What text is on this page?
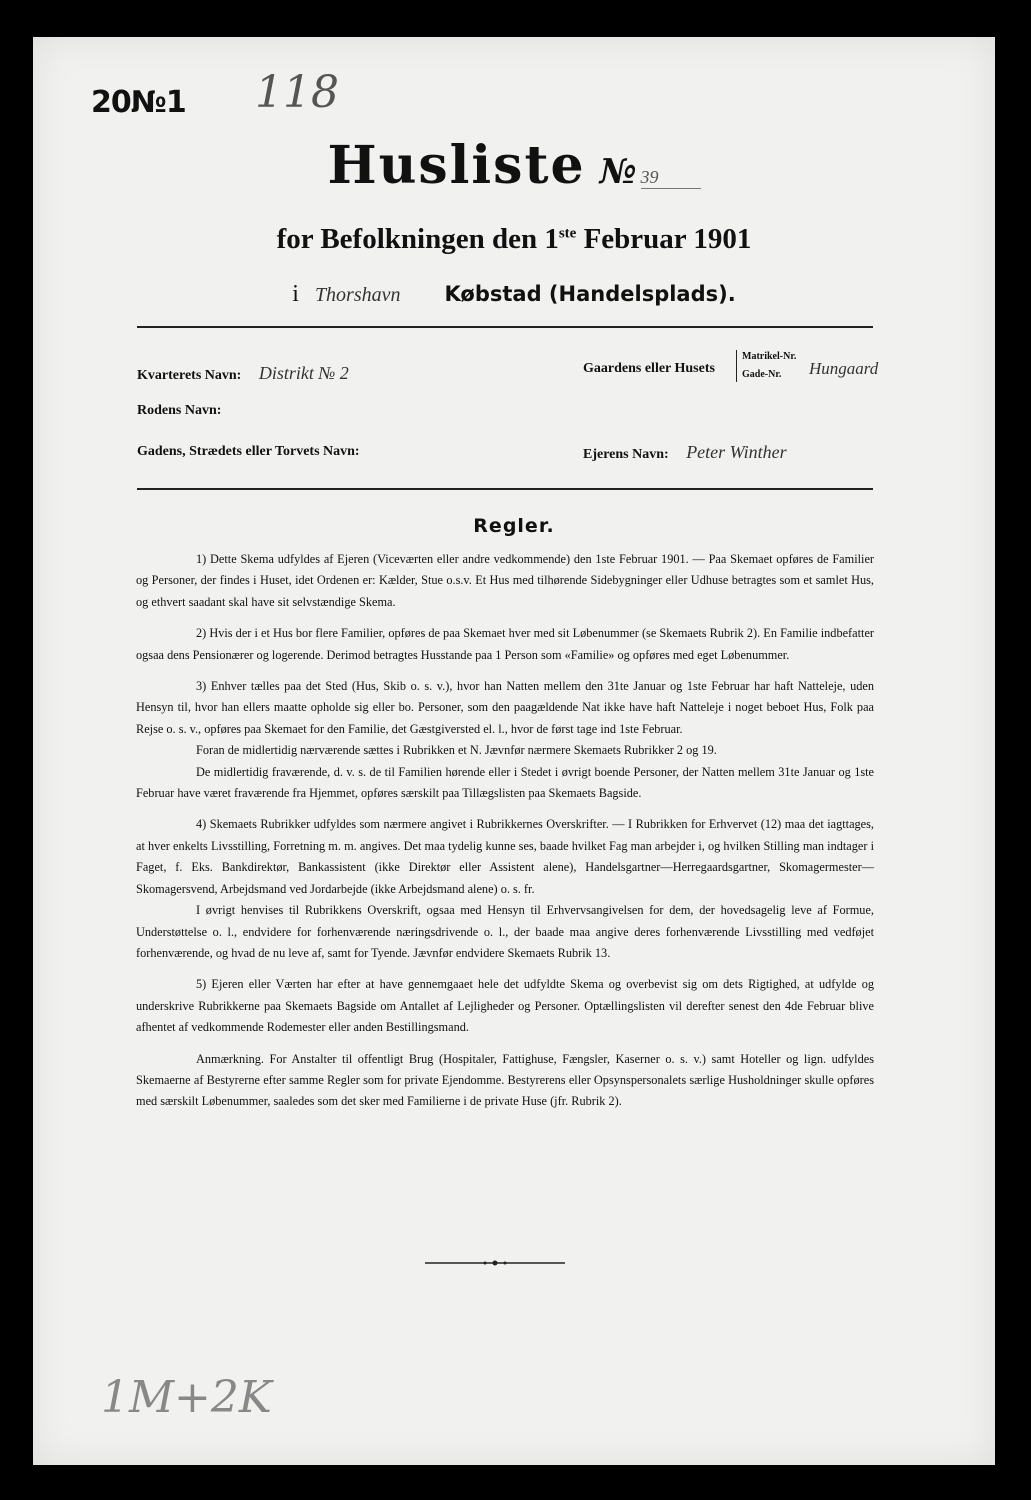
20№1 118
Husliste № 39
for Befolkningen den 1ste Februar 1901
i Thorshavn Købstad (Handelsplads).
Kvarterets Navn: Distrikt № 2	Gaardens eller Husets
Matrikel-Nr.
Gade-Nr. Hungaard
Rodens Navn:
Gadens, Strædets eller Torvets Navn:	Ejerens Navn: Peter Winther
Regler.

1) Dette Skema udfyldes af Ejeren (Viceværten eller andre vedkommende) den 1ste Februar 1901. — Paa Skemaet opføres de Familier og Personer, der findes i Huset, idet Ordenen er: Kælder, Stue o.s.v. Et Hus med tilhørende Sidebygninger eller Udhuse betragtes som et samlet Hus, og ethvert saadant skal have sit selvstændige Skema.

2) Hvis der i et Hus bor flere Familier, opføres de paa Skemaet hver med sit Løbenummer (se Skemaets Rubrik 2). En Familie indbefatter ogsaa dens Pensionærer og logerende. Derimod betragtes Husstande paa 1 Person som «Familie» og opføres med eget Løbenummer.

3) Enhver tælles paa det Sted (Hus, Skib o. s. v.), hvor han Natten mellem den 31te Januar og 1ste Februar har haft Natteleje, uden Hensyn til, hvor han ellers maatte opholde sig eller bo. Personer, som den paagældende Nat ikke have haft Natteleje i noget beboet Hus, Folk paa Rejse o. s. v., opføres paa Skemaet for den Familie, det Gæstgiversted el. l., hvor de først tage ind 1ste Februar.

Foran de midlertidig nærværende sættes i Rubrikken et N. Jævnfør nærmere Skemaets Rubrikker 2 og 19.

De midlertidig fraværende, d. v. s. de til Familien hørende eller i Stedet i øvrigt boende Personer, der Natten mellem 31te Januar og 1ste Februar have været fraværende fra Hjemmet, opføres særskilt paa Tillægslisten paa Skemaets Bagside.

4) Skemaets Rubrikker udfyldes som nærmere angivet i Rubrikkernes Overskrifter. — I Rubrikken for Erhvervet (12) maa det iagttages, at hver enkelts Livsstilling, Forretning m. m. angives. Det maa tydelig kunne ses, baade hvilket Fag man arbejder i, og hvilken Stilling man indtager i Faget, f. Eks. Bankdirektør, Bankassistent (ikke Direktør eller Assistent alene), Handelsgartner—Herregaardsgartner, Skomagermester—Skomagersvend, Arbejdsmand ved Jordarbejde (ikke Arbejdsmand alene) o. s. fr.

I øvrigt henvises til Rubrikkens Overskrift, ogsaa med Hensyn til Erhvervsangivelsen for dem, der hovedsagelig leve af Formue, Understøttelse o. l., endvidere for forhenværende næringsdrivende o. l., der baade maa angive deres forhenværende Livsstilling med vedføjet forhenværende, og hvad de nu leve af, samt for Tyende. Jævnfør endvidere Skemaets Rubrik 13.

5) Ejeren eller Værten har efter at have gennemgaaet hele det udfyldte Skema og overbevist sig om dets Rigtighed, at udfylde og underskrive Rubrikkerne paa Skemaets Bagside om Antallet af Lejligheder og Personer. Optællingslisten vil derefter senest den 4de Februar blive afhentet af vedkommende Rodemester eller anden Bestillingsmand.

Anmærkning. For Anstalter til offentligt Brug (Hospitaler, Fattighuse, Fængsler, Kaserner o. s. v.) samt Hoteller og lign. udfyldes Skemaerne af Bestyrerne efter samme Regler som for private Ejendomme. Bestyrerens eller Opsynspersonalets særlige Husholdninger skulle opføres med særskilt Løbenummer, saaledes som det sker med Familierne i de private Huse (jfr. Rubrik 2).

1M+2K
